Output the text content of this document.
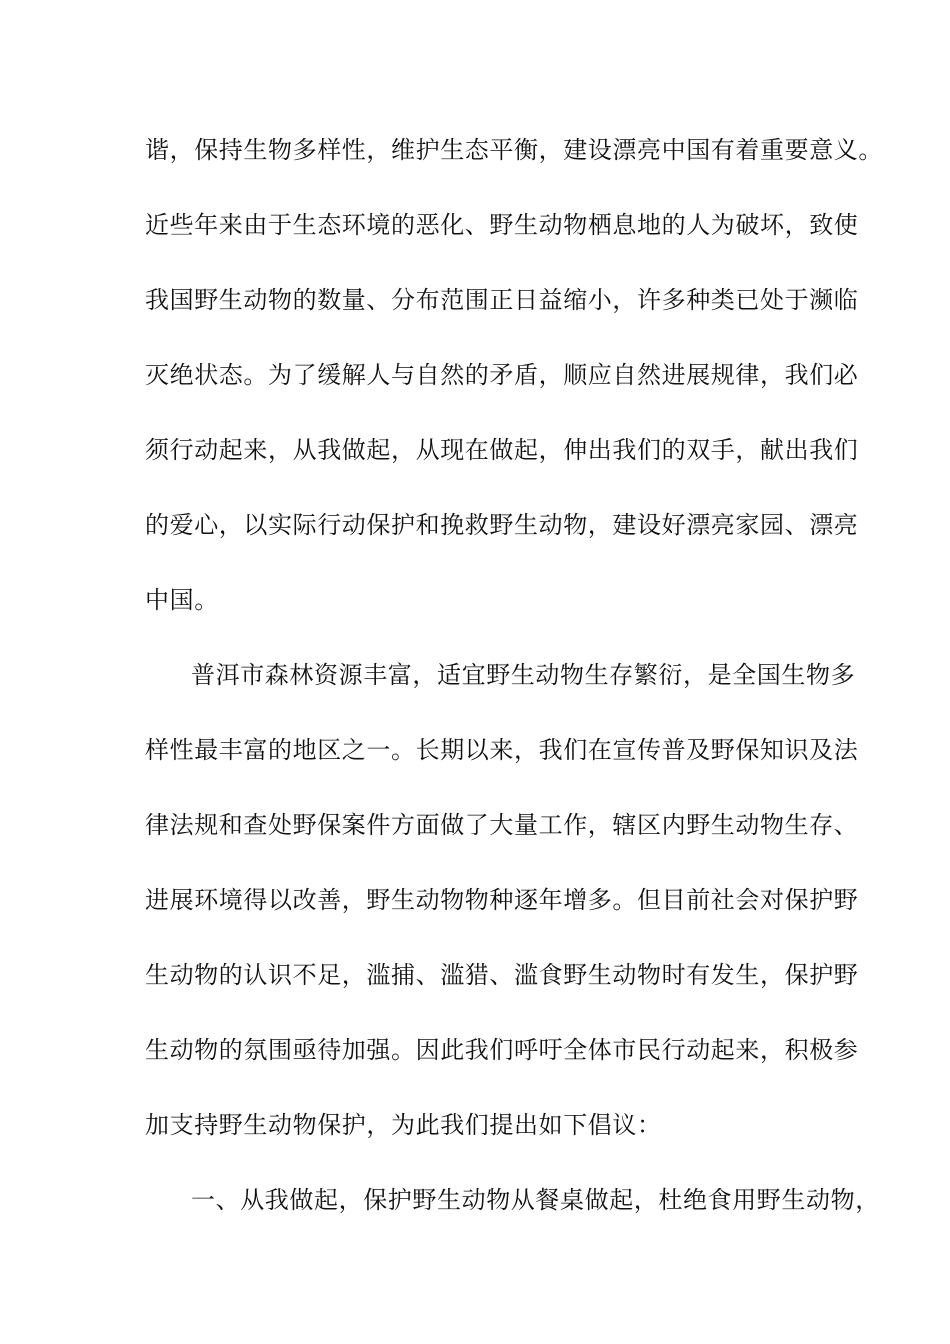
谐，保持生物多样性，维护生态平衡，建设漂亮中国有着重要意义。
近些年来由于生态环境的恶化、野生动物栖息地的人为破坏，致使
我国野生动物的数量、分布范围正日益缩小，许多种类已处于濒临
灭绝状态。为了缓解人与自然的矛盾，顺应自然进展规律，我们必
须行动起来，从我做起，从现在做起，伸出我们的双手，献出我们
的爱心，以实际行动保护和挽救野生动物，建设好漂亮家园、漂亮
中国。
普洱市森林资源丰富，适宜野生动物生存繁衍，是全国生物多
样性最丰富的地区之一。长期以来，我们在宣传普及野保知识及法
律法规和查处野保案件方面做了大量工作，辖区内野生动物生存、
进展环境得以改善，野生动物物种逐年增多。但目前社会对保护野
生动物的认识不足，滥捕、滥猎、滥食野生动物时有发生，保护野
生动物的氛围亟待加强。因此我们呼吁全体市民行动起来，积极参
加支持野生动物保护，为此我们提出如下倡议：
一、从我做起，保护野生动物从餐桌做起，杜绝食用野生动物，
